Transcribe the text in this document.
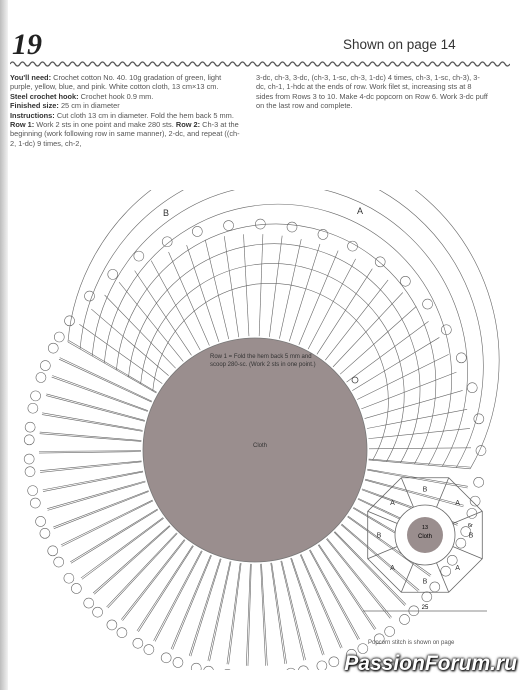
19	Shown on page 14
You'll need: Crochet cotton No. 40. 10g gradation of green, light purple, yellow, blue, and pink. White cotton cloth, 13 cm×13 cm.
Steel crochet hook: Crochet hook 0.9 mm.
Finished size: 25 cm in diameter
Instructions: Cut cloth 13 cm in diameter. Fold the hem back 5 mm. Row 1: Work 2 sts in one point and make 280 sts. Row 2: Ch-3 at the beginning (work following row in same manner), 2-dc, and repeat ((ch-2, 1-dc) 9 times, ch-2,
3-dc, ch-3, 3-dc, (ch-3, 1-sc, ch-3, 1-dc) 4 times, ch-3, 1-sc, ch-3), 3-dc, ch-1, 1-hdc at the ends of row. Work filet st, increasing sts at 8 sides from Rows 3 to 10. Make 4-dc popcorn on Row 6. Work 3-dc puff on the last row and complete.
B
A
B
A
B
A
B
A
Cloth
13	6r
25
B	A
Row 1 = Fold the hem back 5 mm and scoop 280-sc. (Work 2 sts in one point.)
Cloth
Popcorn stitch is shown on page
PassionForum.ru
